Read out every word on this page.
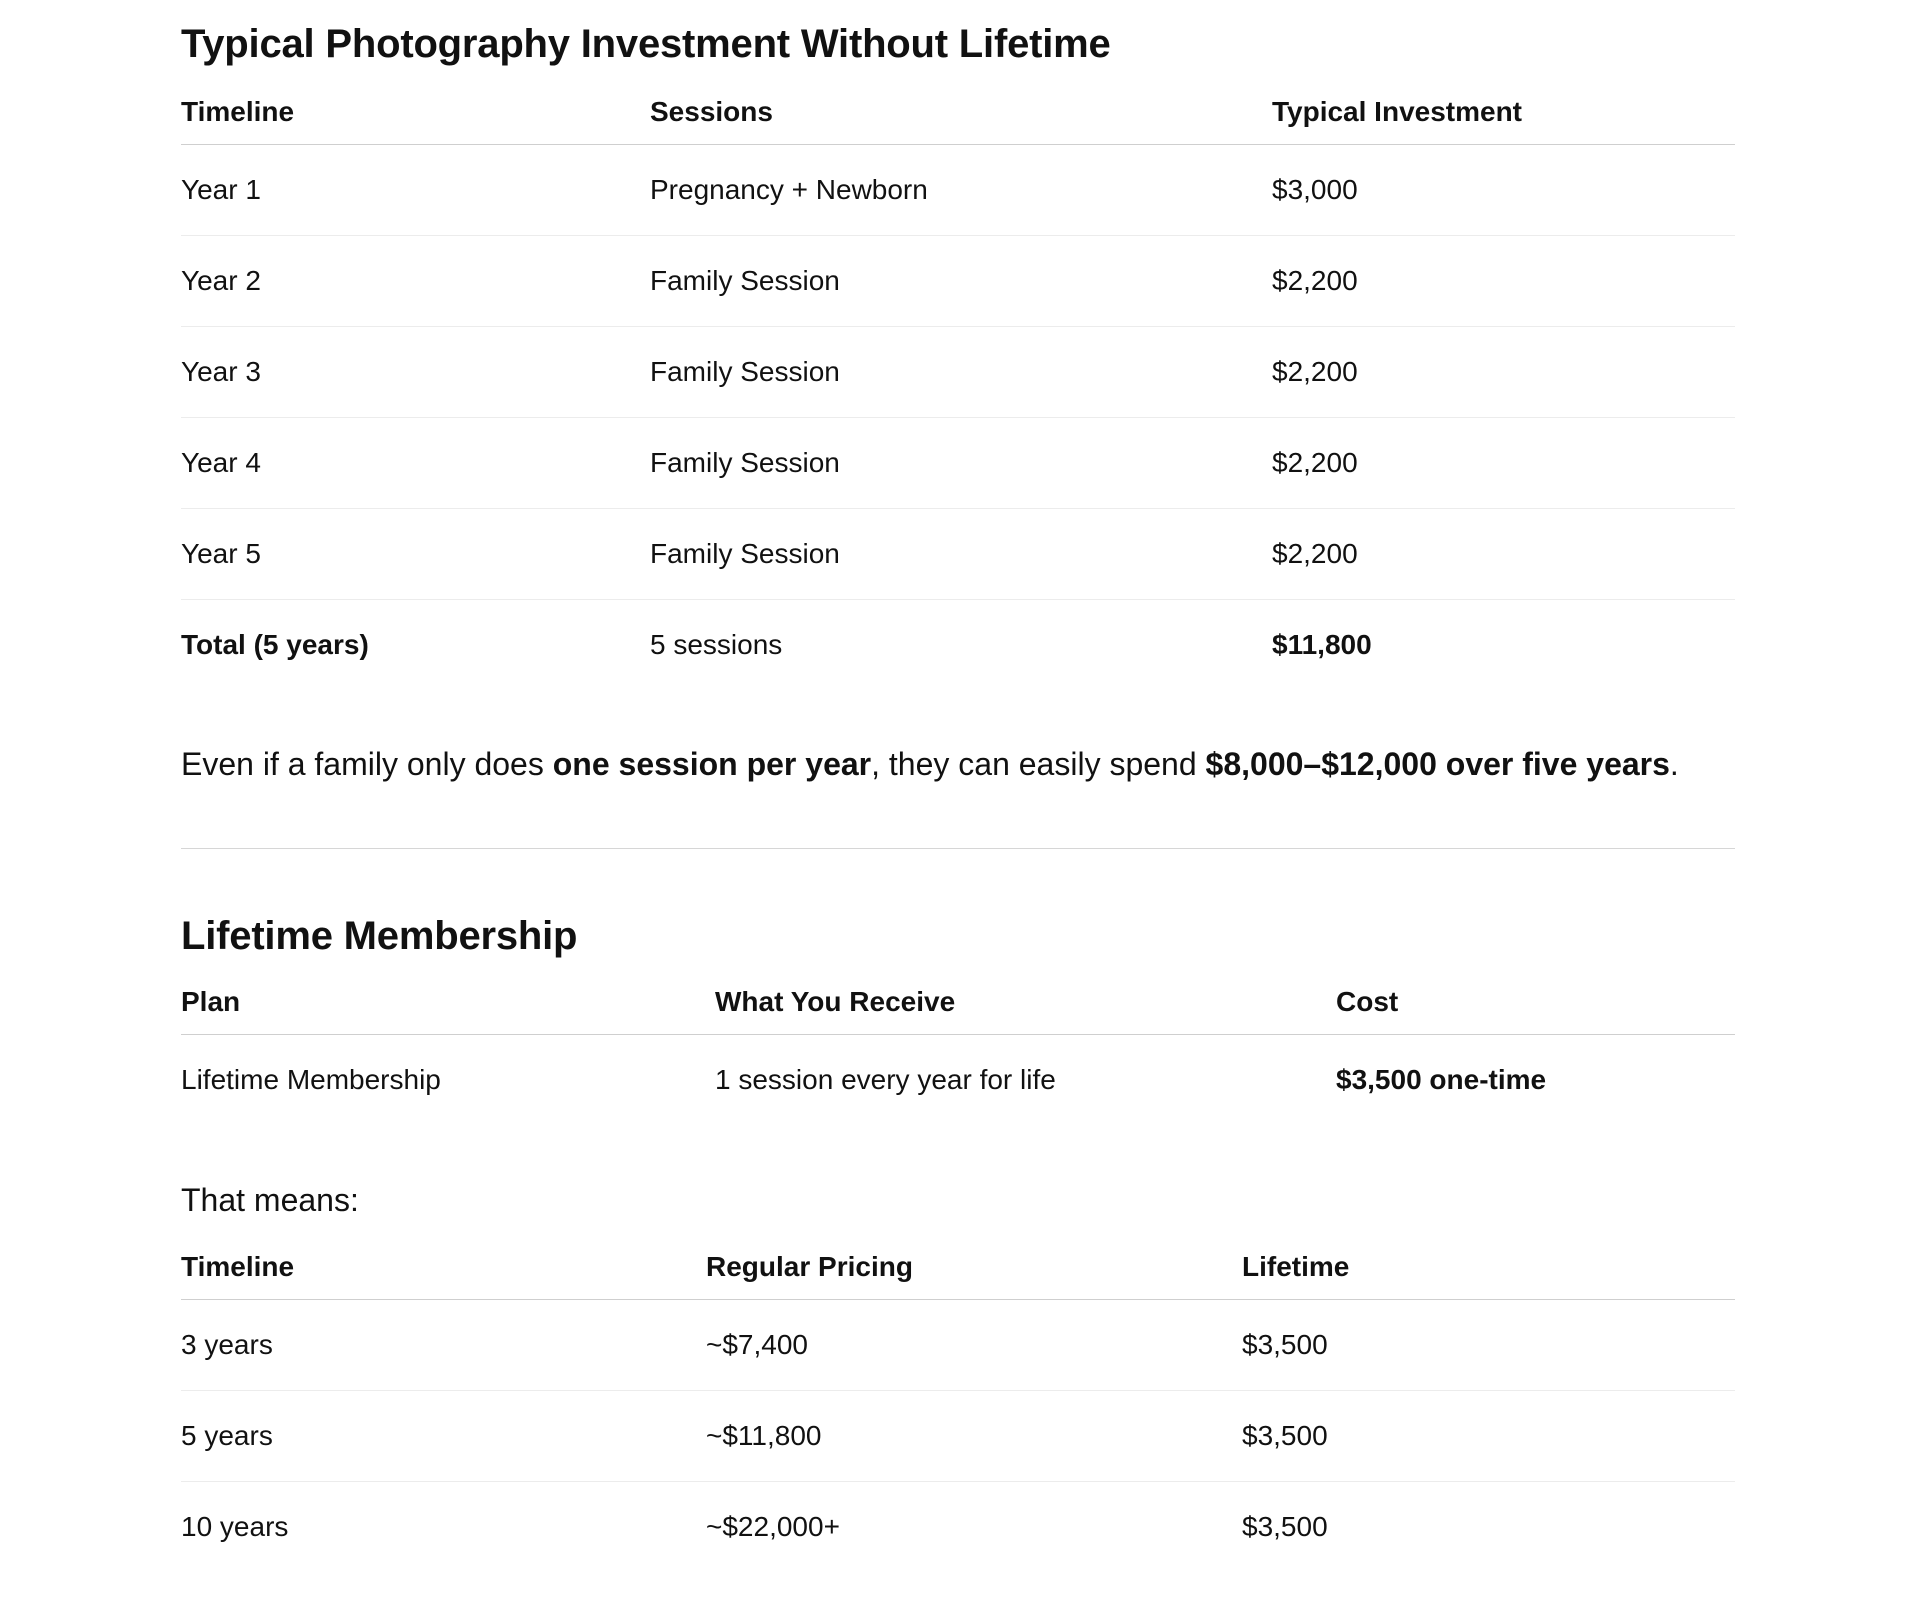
Typical Photography Investment Without Lifetime
Timeline	Sessions	Typical Investment
Year 1	Pregnancy + Newborn	$3,000
Year 2	Family Session	$2,200
Year 3	Family Session	$2,200
Year 4	Family Session	$2,200
Year 5	Family Session	$2,200
Total (5 years)	5 sessions	$11,800

Even if a family only does one session per year, they can easily spend $8,000–$12,000 over five years.

Lifetime Membership
Plan	What You Receive	Cost
Lifetime Membership	1 session every year for life	$3,500 one-time

That means:

Timeline	Regular Pricing	Lifetime
3 years	~$7,400	$3,500
5 years	~$11,800	$3,500
10 years	~$22,000+	$3,500
